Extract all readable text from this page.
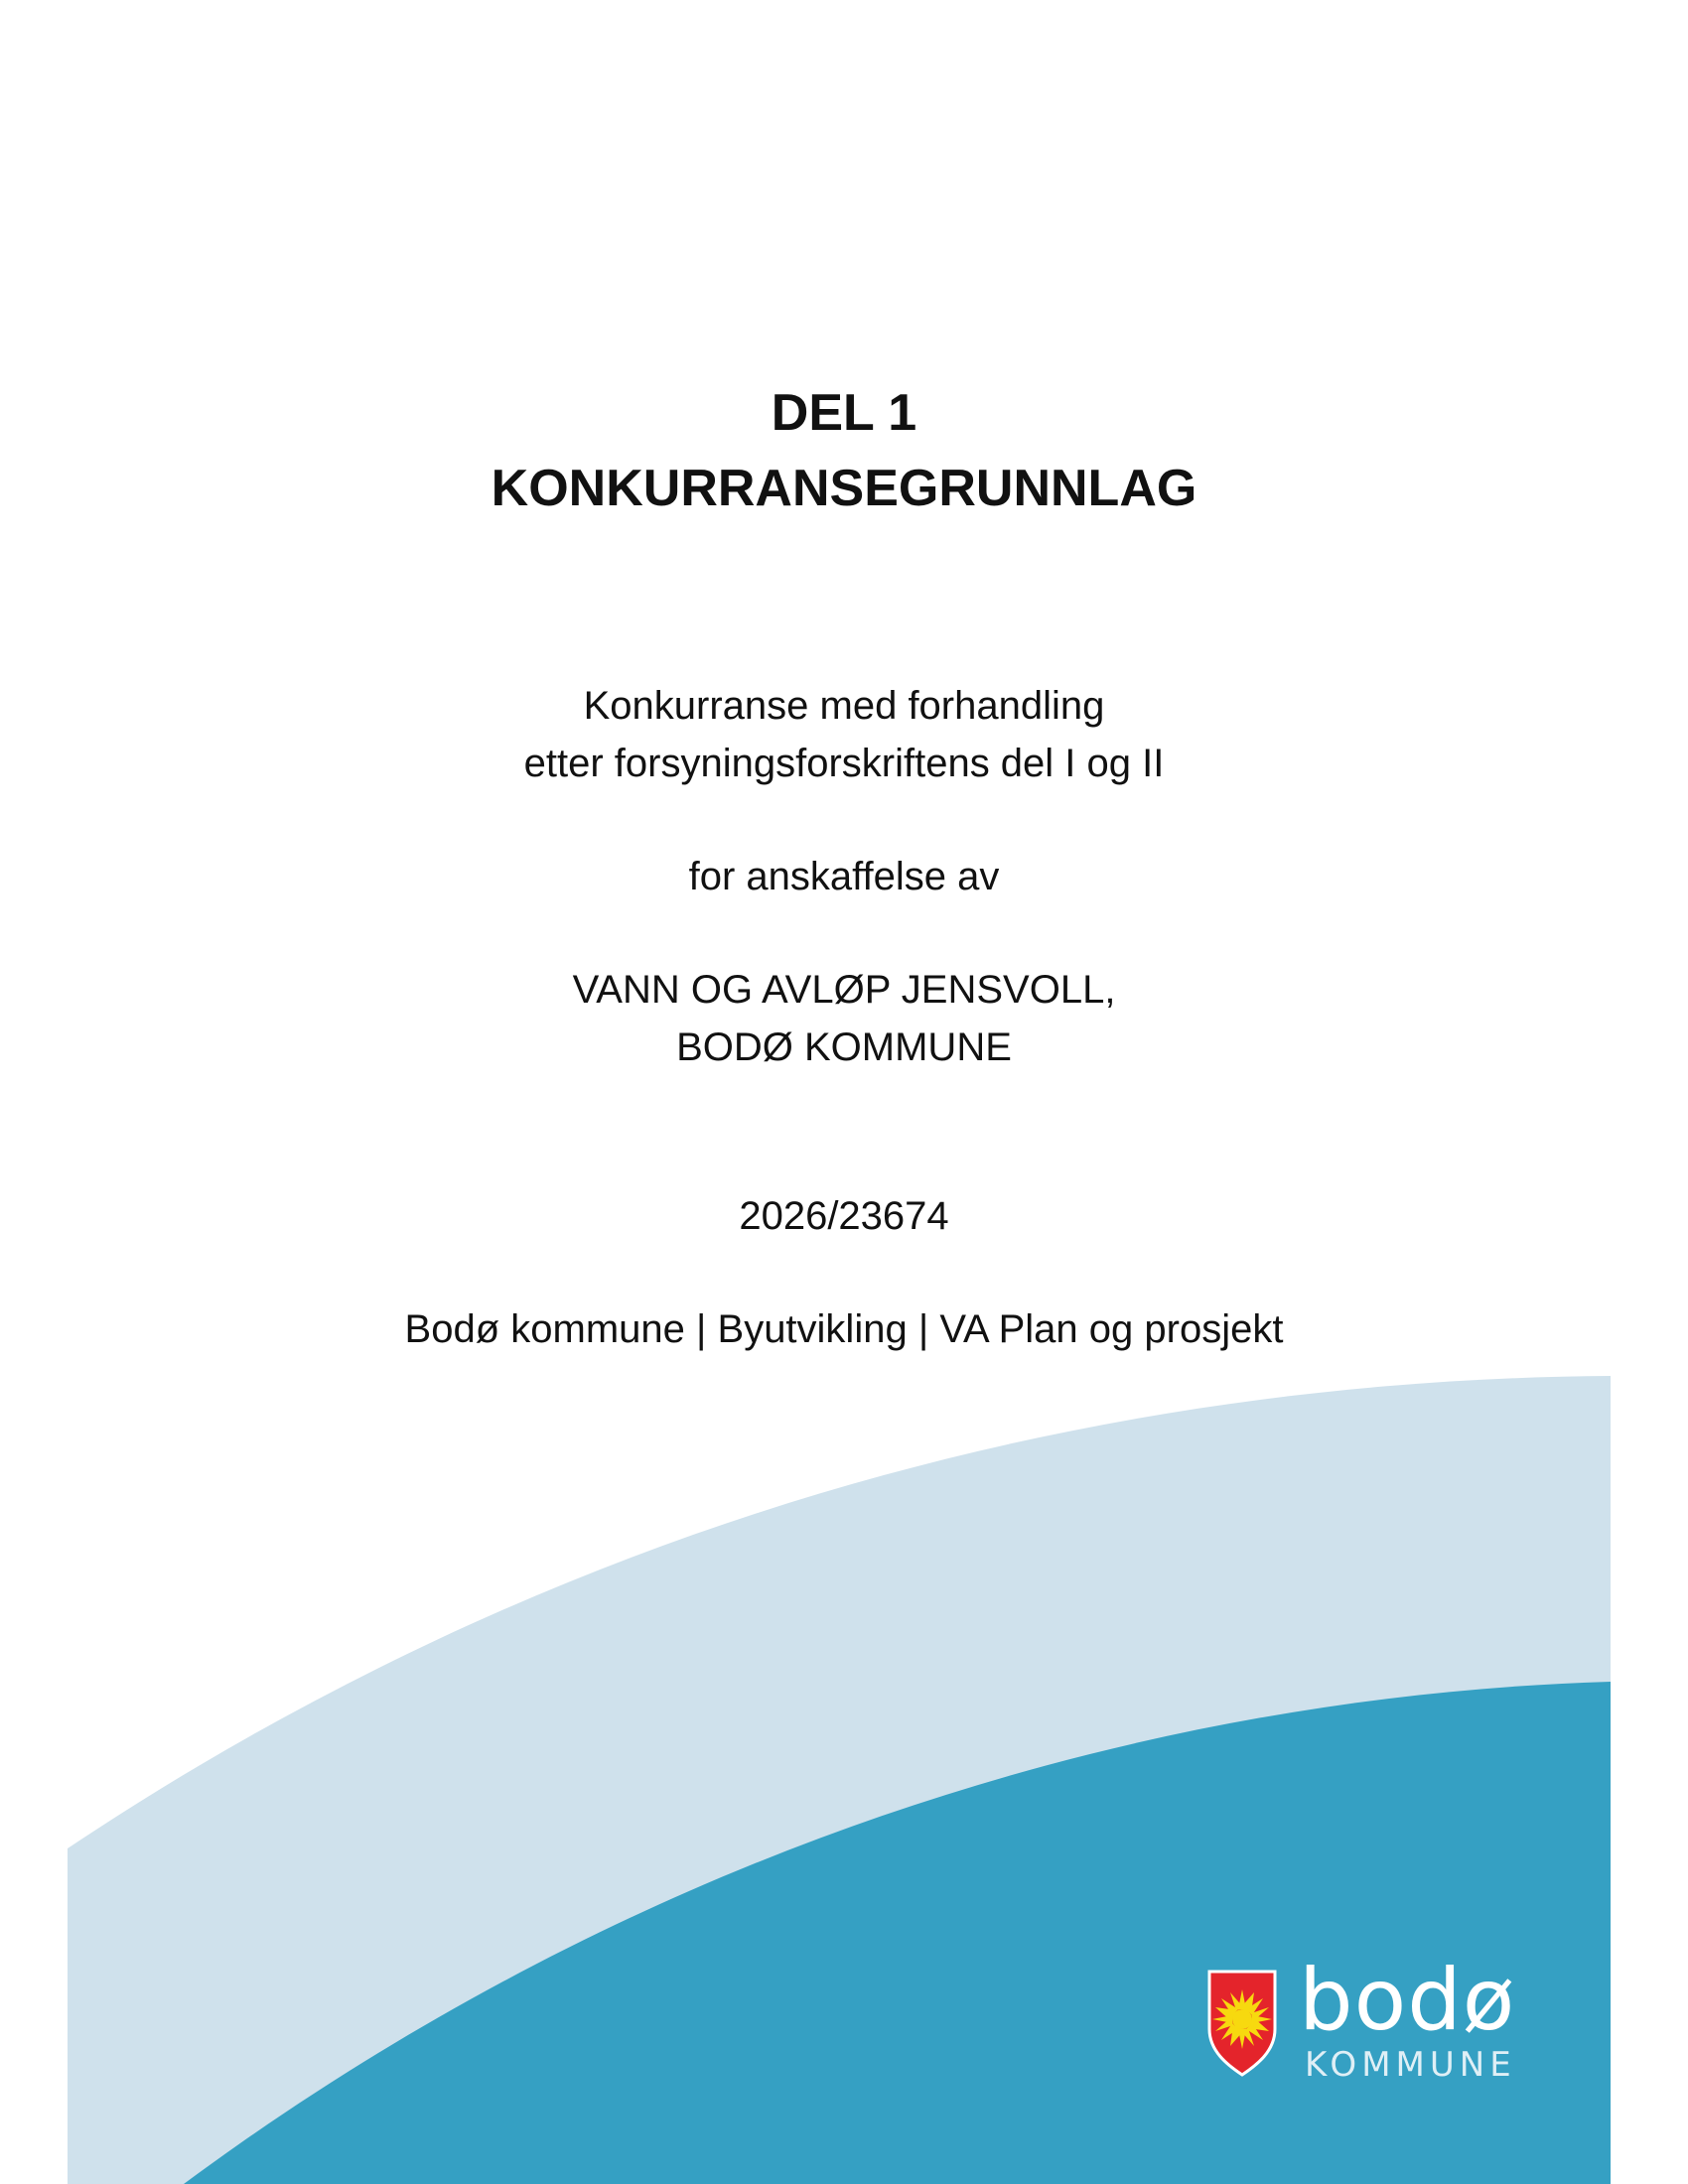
DEL 1
KONKURRANSEGRUNNLAG
Konkurranse med forhandling
etter forsyningsforskriftens del I og II
for anskaffelse av
VANN OG AVLØP JENSVOLL,
BODØ KOMMUNE
2026/23674
Bodø kommune | Byutvikling | VA Plan og prosjekt
bodø
KOMMUNE
